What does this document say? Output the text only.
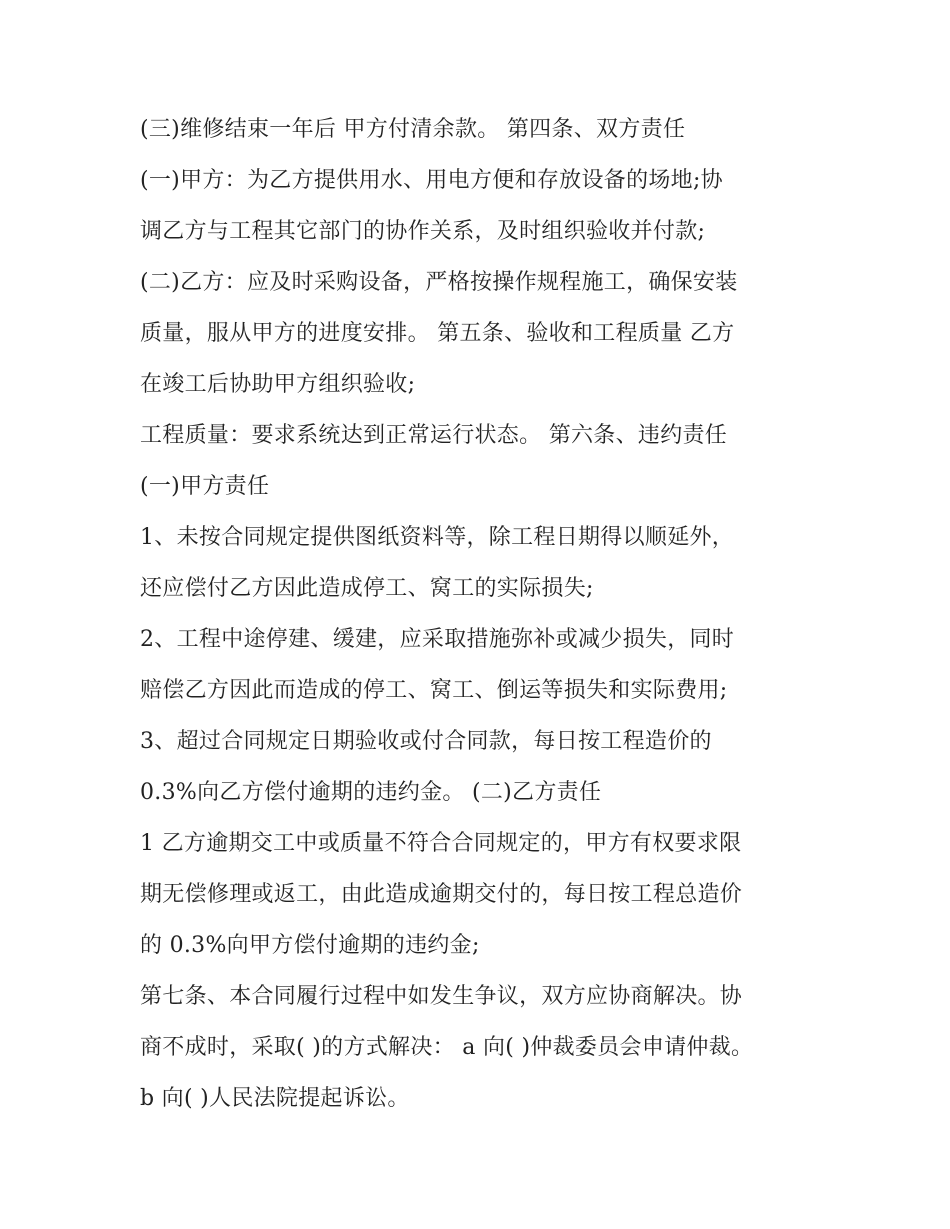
(三)维修结束一年后 甲方付清余款。 第四条、双方责任
(一)甲方：为乙方提供用水、用电方便和存放设备的场地;协
调乙方与工程其它部门的协作关系，及时组织验收并付款;
(二)乙方：应及时采购设备，严格按操作规程施工，确保安装
质量，服从甲方的进度安排。 第五条、验收和工程质量 乙方
在竣工后协助甲方组织验收;
工程质量：要求系统达到正常运行状态。 第六条、违约责任
(一)甲方责任
1、未按合同规定提供图纸资料等，除工程日期得以顺延外，
还应偿付乙方因此造成停工、窝工的实际损失;
2、工程中途停建、缓建，应采取措施弥补或减少损失，同时
赔偿乙方因此而造成的停工、窝工、倒运等损失和实际费用;
3、超过合同规定日期验收或付合同款，每日按工程造价的
0.3%向乙方偿付逾期的违约金。 (二)乙方责任
1 乙方逾期交工中或质量不符合合同规定的，甲方有权要求限
期无偿修理或返工，由此造成逾期交付的，每日按工程总造价
的 0.3%向甲方偿付逾期的违约金;
第七条、本合同履行过程中如发生争议，双方应协商解决。协
商不成时，采取( )的方式解决： a 向( )仲裁委员会申请仲裁。
b 向( )人民法院提起诉讼。
